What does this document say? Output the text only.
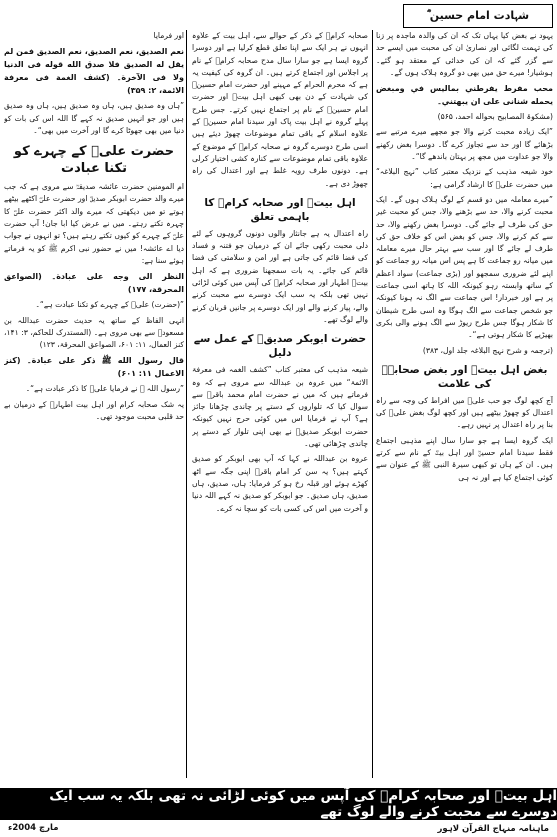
شہادت امام حسین ؓ

یہود نے بغض کیا یہاں تک کہ ان کی والدہ ماجدہ پر زنا کی تہمت لگائی اور نصاریٰ ان کی محبت میں ایسے حد سے گزر گئے کہ ان کی خدائی کے معتقد ہو گئے۔ ہوشیار! میرے حق میں بھی دو گروہ ہلاک ہوں گے۔

محب مفرط يفرطني بماليس في ومبغض يحمله شنانى على ان يبهتني۔

(مشکوۃ المصابيح بحواله احمد، ۵۶۵)

”ایک زیادہ محبت کرنے والا جو مجھے میرے مرتبے سے بڑھائے گا اور حد سے تجاوز کرے گا۔ دوسرا بغض رکھنے والا جو عداوت میں مجھ پر بہتان باندھے گا“۔

خود شیعہ مذہب کے نزدیک معتبر کتاب ”نہج البلاغہ“ میں حضرت علیؓ کا ارشاد گرامی ہے:

”میرے معاملہ میں دو قسم کے لوگ ہلاک ہوں گے۔ ایک محبت کرنے والا، حد سے بڑھنے والا، جس کو محبت غیر حق کی طرف لے جائے گی۔ دوسرا بغض رکھنے والا، حد سے کم کرنے والا، جس کو بغض اس کو خلاف حق کی طرف لے جائے گا اور سب سے بہتر حال میرے معاملہ میں میانہ رو جماعت کا ہے پس اس میانہ رو جماعت کو اپنے لئے ضروری سمجھو اور (بڑی جماعت) سواد اعظم کے ساتھ وابستہ رہو کیونکہ اللہ کا ہاتھ اسی جماعت پر ہے اور خبردار! اس جماعت سے الگ نہ ہونا کیونکہ جو شخص جماعت سے الگ ہوگا وہ اسی طرح شیطان کا شکار ہوگا جس طرح ریوڑ سے الگ ہونے والی بکری بھیڑیے کا شکار ہوتی ہے“۔

(ترجمہ و شرح نہج البلاغہ جلد اول، ۳۸۳)

بغض اہل بیتؓ اور بغض صحابہؓ کی علامت

آج کچھ لوگ جو حب علیؓ میں افراط کی وجہ سے راہ اعتدال کو چھوڑ بیٹھے ہیں اور کچھ لوگ بغض علیؓ کی بنا پر راہ اعتدال پر نہیں رہے۔

ایک گروہ ایسا ہے جو سارا سال اپنے مذہبی اجتماع فقط سیدنا امام حسینؓ اور اہل بیتؓ کے نام سے کرتے ہیں۔ ان کے ہاں تو کبھی سیرۃ النبی ﷺ کے عنوان سے کوئی اجتماع کیا ہے اور نہ ہی

صحابہ کرامؓ کے ذکر کے حوالے سے، اہل بیت کے علاوہ انہوں نے ہر ایک سے اپنا تعلق قطع کرلیا ہے اور دوسرا گروہ ایسا ہے جو سارا سال مدح صحابہ کرامؓ کے نام پر اجلاس اور اجتماع کرتے ہیں۔ ان گروہ کی کیفیت یہ ہے کہ محرم الحرام کے مہینے اور حضرت امام حسینؓ کی شہادت کے دن بھی کبھی اہل بیتؓ اور حضرت امام حسینؓ کے نام پر اجتماع نہیں کرتے۔ جس طرح پہلے گروہ نے اہل بیت پاک اور سیدنا امام حسینؓ کے علاوہ اسلام کے باقی تمام موضوعات چھوڑ دیئے ہیں اسی طرح دوسرے گروہ نے صحابہ کرامؓ کے موضوع کے علاوہ باقی تمام موضوعات سے کنارہ کشی اختیار کرلی ہے۔ دونوں طرف رویہ غلط ہے اور اعتدال کی راہ چھوڑ دی ہے۔

اہل بیتؓ اور صحابہ کرامؓ کا باہمی تعلق

راہ اعتدال یہ ہے جانثار والوں دونوں گروہوں کے لئے دلی محبت رکھی جائے ان کے درمیان جو فتنہ و فساد کی فضا قائم کی جاتی ہے اور امن و سلامتی کی فضا قائم کی جائے۔ یہ بات سمجھنا ضروری ہے کہ اہل بیتؓ اطہار اور صحابہ کرامؓ کی آپس میں کوئی لڑائی نہیں تھی بلکہ یہ سب ایک دوسرے سے محبت کرنے والے، پیار کرنے والے اور ایک دوسرے پر جانیں قربان کرنے والے لوگ تھے۔

حضرت ابوبکر صدیقؓ کے عمل سے دلیل

شیعہ مذہب کی معتبر کتاب ”کشف الغمہ فی معرفۃ الائمۃ“ میں عروہ بن عبداللہ سے مروی ہے کہ وہ فرماتے ہیں کہ میں نے حضرت امام محمد باقرؓ سے سوال کیا کہ تلواروں کے دستے پر چاندی چڑھانا جائز ہے؟ آپ نے فرمایا اس میں کوئی حرج نہیں کیونکہ حضرت ابوبکر صدیقؓ نے بھی اپنی تلوار کے دستے پر چاندی چڑھائی تھی۔

عروہ بن عبداللہ نے کہا کہ آپ بھی ابوبکر کو صدیق کہتے ہیں؟ یہ سن کر امام باقرؓ اپنی جگہ سے اٹھ کھڑے ہوئے اور قبلہ رخ ہو کر فرمایا: ہاں، صدیق، ہاں صدیق، ہاں صدیق۔ جو ابوبکر کو صدیق نہ کہے اللہ دنیا و آخرت میں اس کی کسی بات کو سچا نہ کرے۔

اور فرمایا

نعم الصديق، نعم الصديق، نعم الصديق فمن لم يقل له الصديق فلا صدق الله قوله فى الدنيا ولا فى الآخرة۔ (كشف الغمة فى معرفة الائمة، ۲: ۳۵۹)

”ہاں وہ صدیق ہیں، ہاں وہ صدیق ہیں، ہاں وہ صدیق ہیں اور جو انہیں صدیق نہ کہے گا اللہ اس کی بات کو دنیا میں بھی جھوٹا کرے گا اور آخرت میں بھی“۔

حضرت علیؓ کے چہرے کو تکنا عبادت

ام المومنین حضرت عائشہ صدیقہؓ سے مروی ہے کہ جب میرے والد حضرت ابوبکر صدیقؓ اور حضرت علیؓ اکٹھے بیٹھے ہوتے تو میں دیکھتی کہ میرے والد اکثر حضرت علیؓ کا چہرہ تکتے رہتے۔ میں نے عرض کیا ابا جان! آپ حضرت علیؓ کے چہرے کو کیوں تکتے رہتے ہیں؟ تو انہوں نے جواب دیا اے عائشہ! میں نے حضور نبی اکرم ﷺ کو یہ فرماتے ہوئے سنا ہے:

النظر الى وجه على عبادة۔ (الصواعق المحرقة، ۱۷۷)

”(حضرت) علیؓ کے چہرے کو تکنا عبادت ہے“۔

انہی الفاظ کے ساتھ یہ حدیث حضرت عبداللہ بن مسعودؓ سے بھی مروی ہے۔ (المستدرک للحاکم، ۳: ۱۴۱، کنز العمال، ۱۱: ۶۰۱، الصواعق المحرقۃ، ۱۲۳)

قال رسول الله ﷺ ذكر على عبادة۔ (كنز الاعمال ۱۱: ۶۰۱)

”رسول اللہ ﷺ نے فرمایا علیؓ کا ذکر عبادت ہے“۔

یہ شک صحابہ کرام اور اہل بیت اطہارؓ کے درمیان بے حد قلبی محبت موجود تھی۔

اہل بیتؓ اور صحابہ کرامؓ کی آپس میں کوئی لڑائی نہ تھی بلکہ یہ سب ایک دوسرے سے محبت کرنے والے لوگ تھے
مارچ 2004ء	ماہنامہ منہاج القرآن لاہور
